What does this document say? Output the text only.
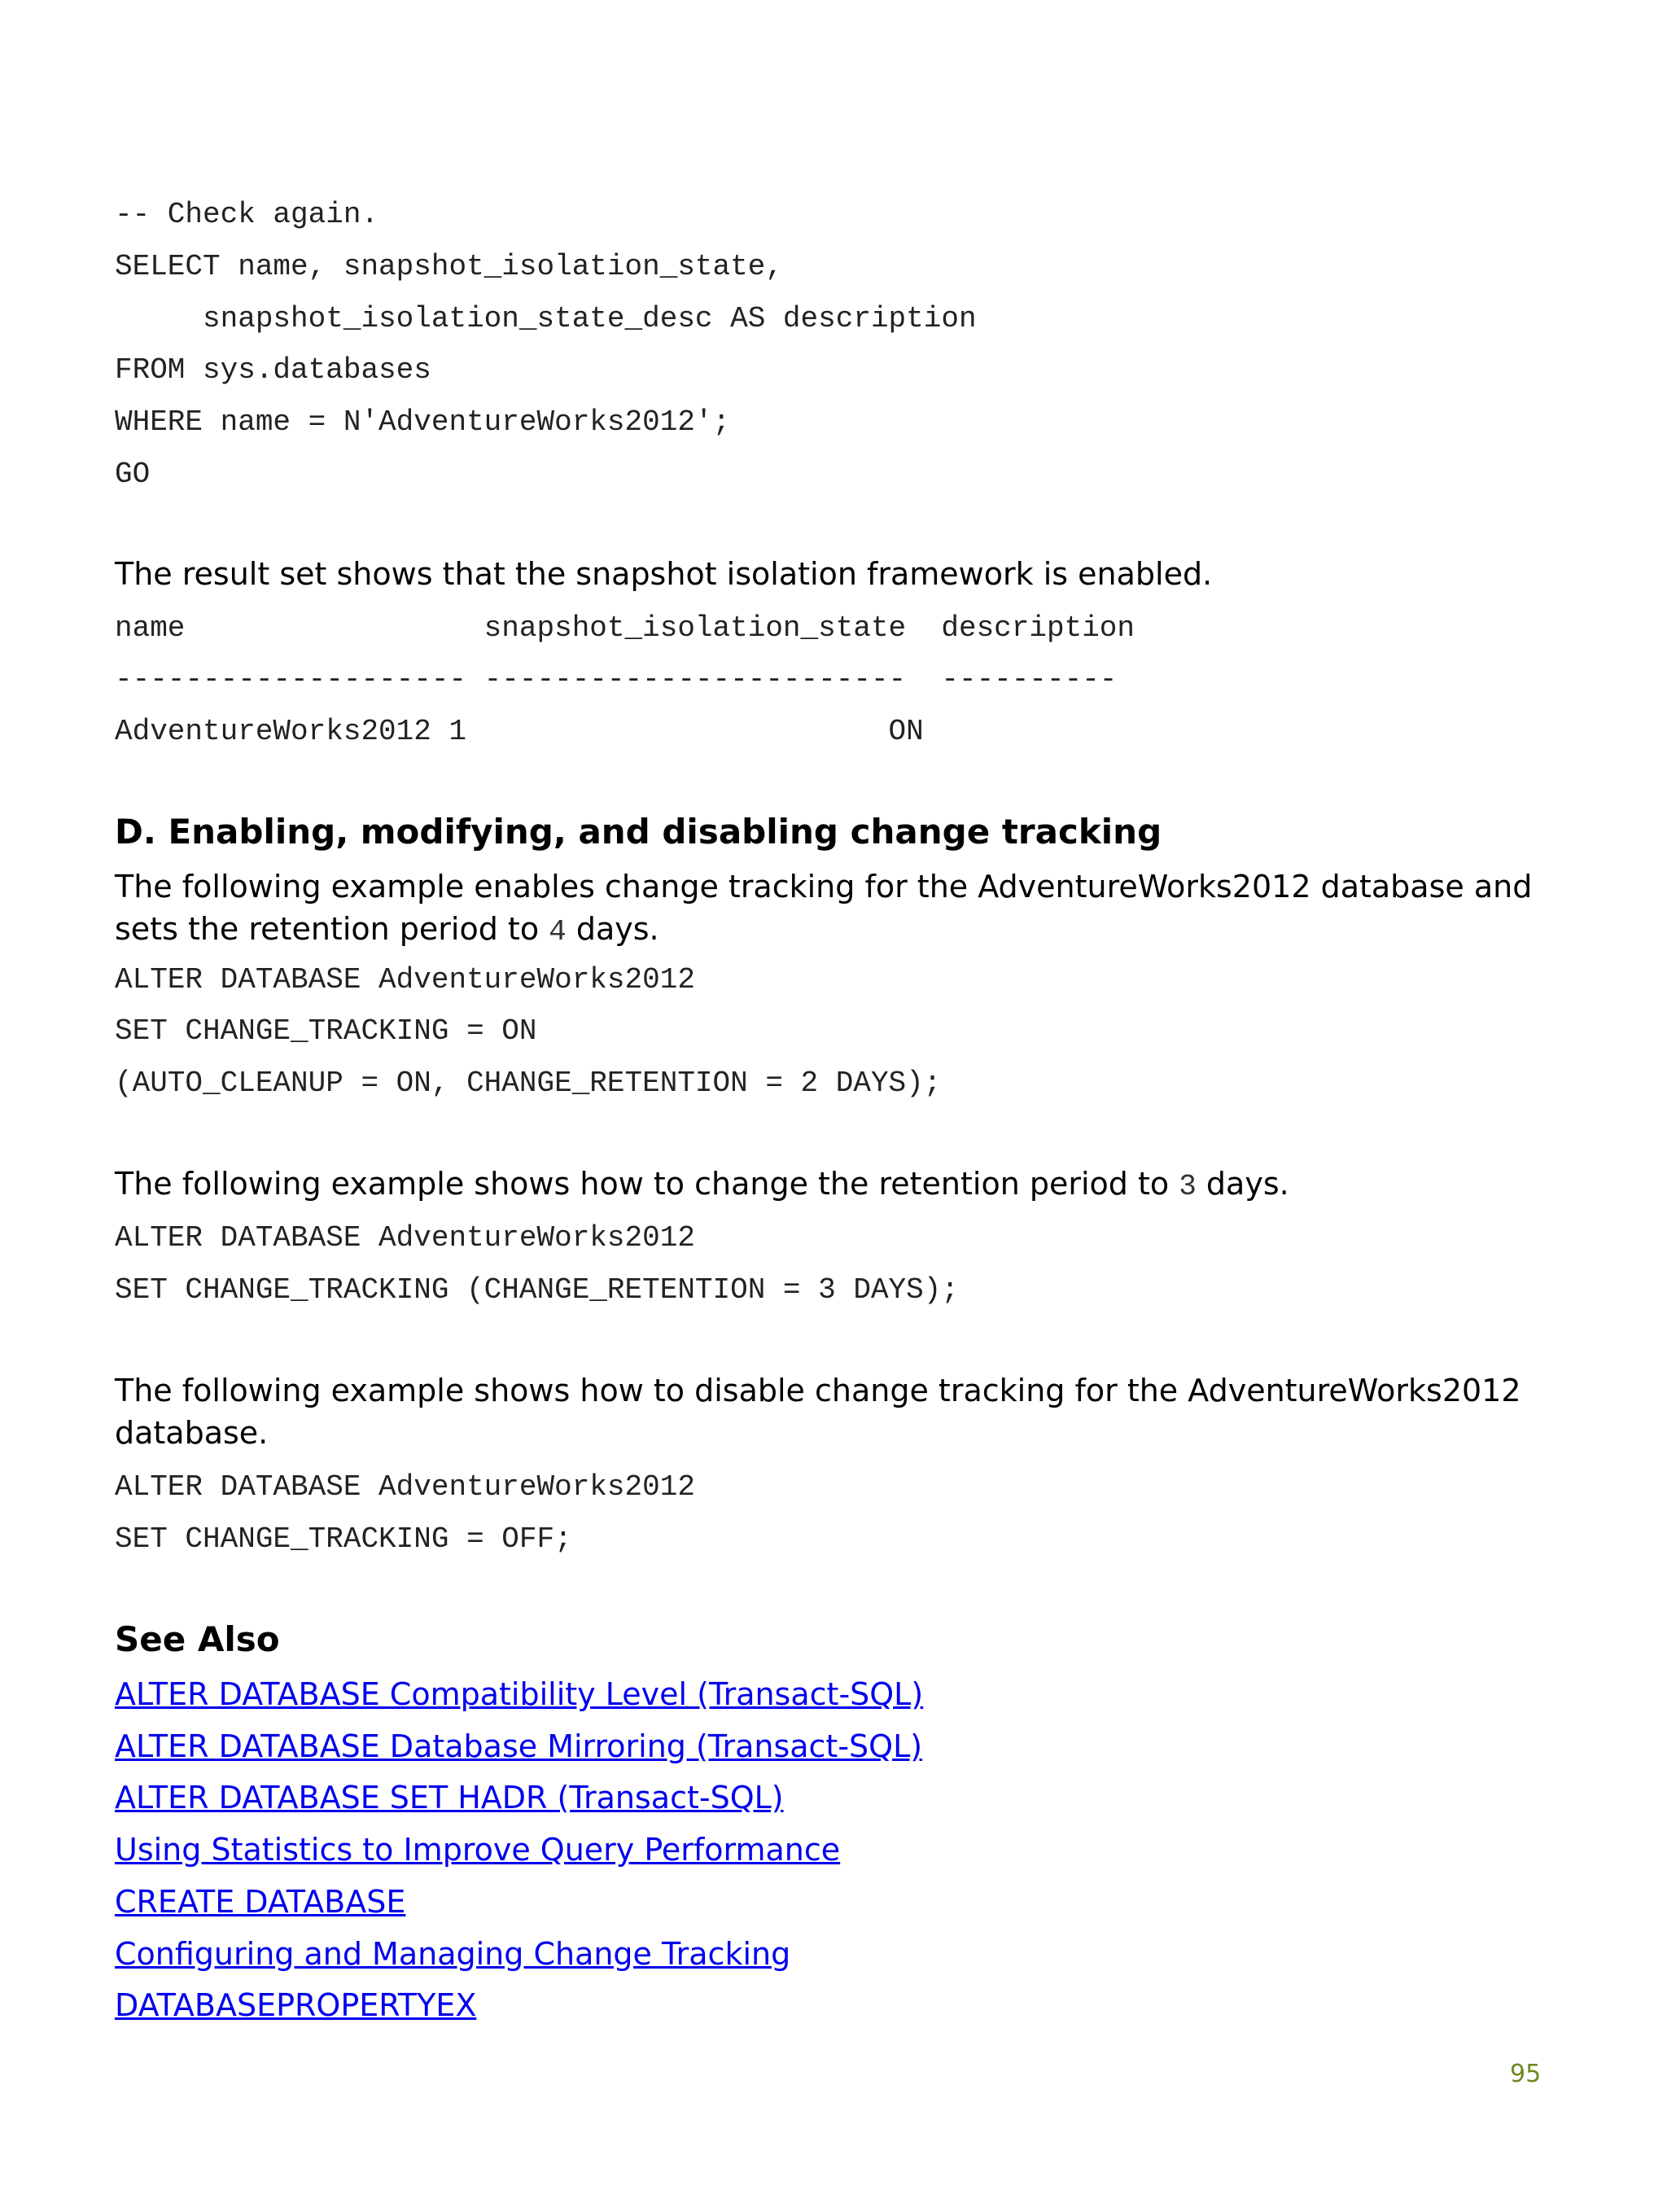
-- Check again.
SELECT name, snapshot_isolation_state,
snapshot_isolation_state_desc AS description
FROM sys.databases
WHERE name = N'AdventureWorks2012';
GO

The result set shows that the snapshot isolation framework is enabled.

name                 snapshot_isolation_state  description
-------------------- ------------------------  ----------
AdventureWorks2012 1                        ON
D. Enabling, modifying, and disabling change tracking

The following example enables change tracking for the AdventureWorks2012 database and sets the retention period to 4 days.

ALTER DATABASE AdventureWorks2012
SET CHANGE_TRACKING = ON
(AUTO_CLEANUP = ON, CHANGE_RETENTION = 2 DAYS);

The following example shows how to change the retention period to 3 days.

ALTER DATABASE AdventureWorks2012
SET CHANGE_TRACKING (CHANGE_RETENTION = 3 DAYS);

The following example shows how to disable change tracking for the AdventureWorks2012 database.

ALTER DATABASE AdventureWorks2012
SET CHANGE_TRACKING = OFF;
See Also
ALTER DATABASE Compatibility Level (Transact-SQL)
ALTER DATABASE Database Mirroring (Transact-SQL)
ALTER DATABASE SET HADR (Transact-SQL)
Using Statistics to Improve Query Performance
CREATE DATABASE
Configuring and Managing Change Tracking
DATABASEPROPERTYEX
95
